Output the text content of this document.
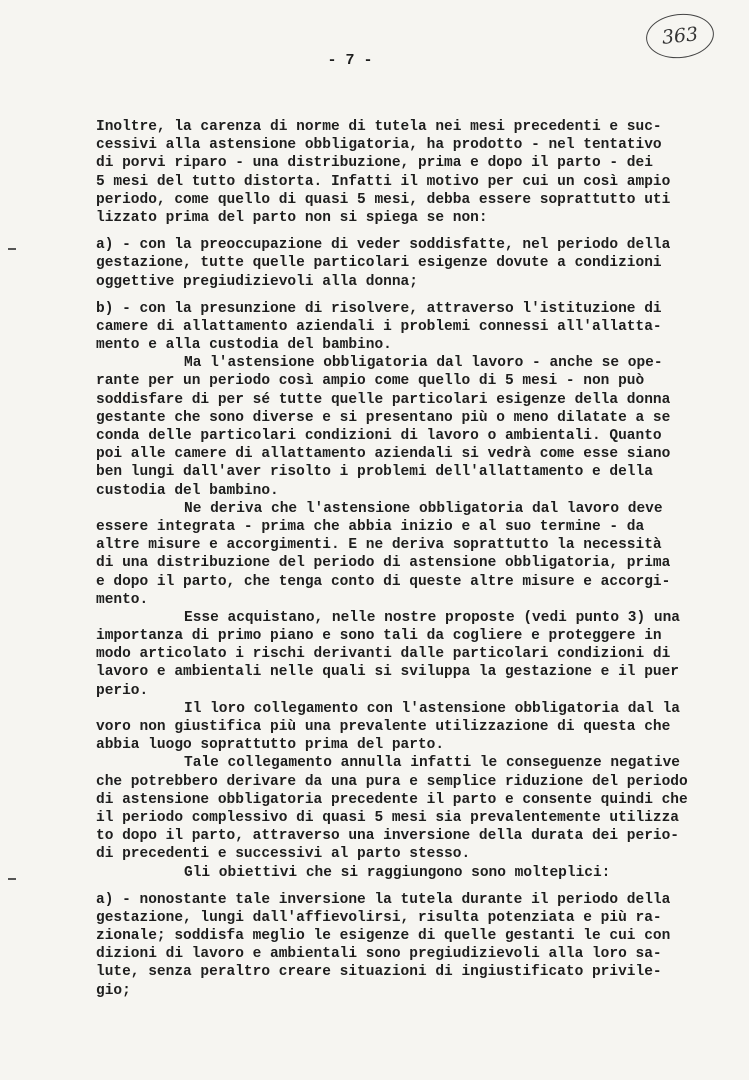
363
- 7 -
Inoltre, la carenza di norme di tutela nei mesi precedenti e suc-
cessivi alla astensione obbligatoria, ha prodotto - nel tentativo
di porvi riparo - una distribuzione, prima e dopo il parto - dei
5 mesi del tutto distorta. Infatti il motivo per cui un così ampio
periodo, come quello di quasi 5 mesi, debba essere soprattutto uti
lizzato prima del parto non si spiega se non:
a) - con la preoccupazione di veder soddisfatte, nel periodo della
gestazione, tutte quelle particolari esigenze dovute a condizioni
oggettive pregiudizievoli alla donna;
b) - con la presunzione di risolvere, attraverso l'istituzione di
camere di allattamento aziendali i problemi connessi all'allatta-
mento e alla custodia del bambino.
Ma l'astensione obbligatoria dal lavoro - anche se ope-
rante per un periodo così ampio come quello di 5 mesi - non può
soddisfare di per sé tutte quelle particolari esigenze della donna
gestante che sono diverse e si presentano più o meno dilatate a se
conda delle particolari condizioni di lavoro o ambientali. Quanto
poi alle camere di allattamento aziendali si vedrà come esse siano
ben lungi dall'aver risolto i problemi dell'allattamento e della
custodia del bambino.
Ne deriva che l'astensione obbligatoria dal lavoro deve
essere integrata - prima che abbia inizio e al suo termine - da
altre misure e accorgimenti. E ne deriva soprattutto la necessità
di una distribuzione del periodo di astensione obbligatoria, prima
e dopo il parto, che tenga conto di queste altre misure e accorgi-
mento.
Esse acquistano, nelle nostre proposte (vedi punto 3) una
importanza di primo piano e sono tali da cogliere e proteggere in
modo articolato i rischi derivanti dalle particolari condizioni di
lavoro e ambientali nelle quali si sviluppa la gestazione e il puer
perio.
Il loro collegamento con l'astensione obbligatoria dal la
voro non giustifica più una prevalente utilizzazione di questa che
abbia luogo soprattutto prima del parto.
Tale collegamento annulla infatti le conseguenze negative
che potrebbero derivare da una pura e semplice riduzione del periodo
di astensione obbligatoria precedente il parto e consente quindi che
il periodo complessivo di quasi 5 mesi sia prevalentemente utilizza
to dopo il parto, attraverso una inversione della durata dei perio-
di precedenti e successivi al parto stesso.
Gli obiettivi che si raggiungono sono molteplici:
a) - nonostante tale inversione la tutela durante il periodo della
gestazione, lungi dall'affievolirsi, risulta potenziata e più ra-
zionale; soddisfa meglio le esigenze di quelle gestanti le cui con
dizioni di lavoro e ambientali sono pregiudizievoli alla loro sa-
lute, senza peraltro creare situazioni di ingiustificato privile-
gio;
